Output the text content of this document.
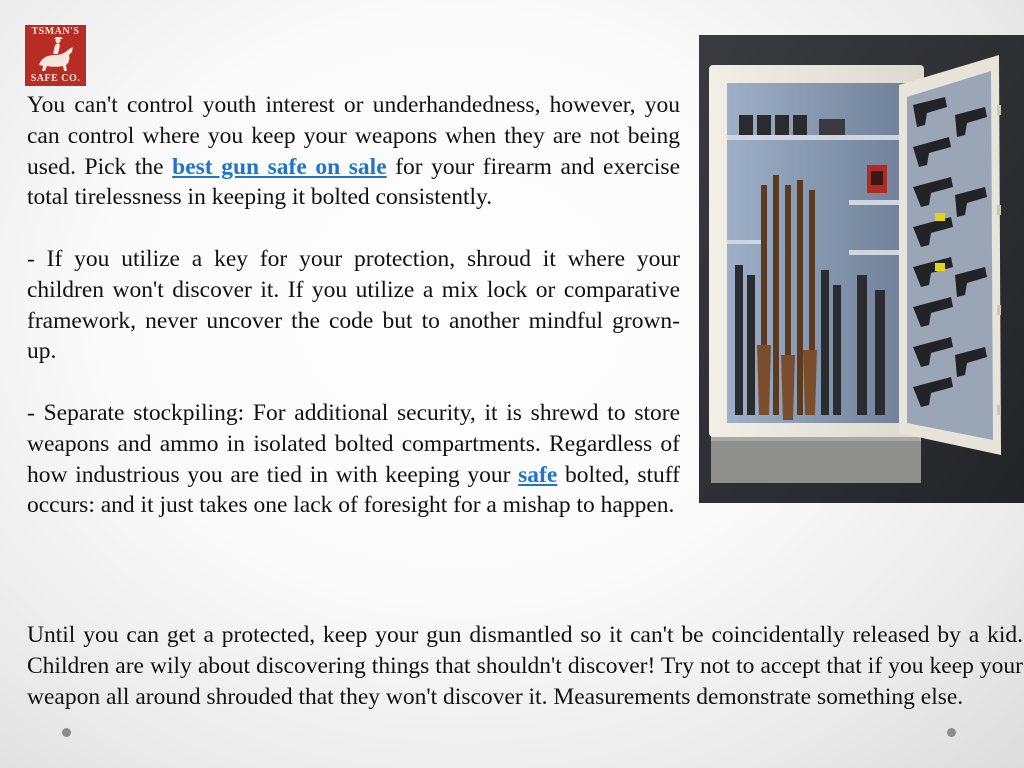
TSMAN'S
SAFE CO.

You can't control youth interest or underhandedness, however, you can control where you keep your weapons when they are not being used. Pick the best gun safe on sale for your firearm and exercise total tirelessness in keeping it bolted consistently.

- If you utilize a key for your protection, shroud it where your children won't discover it. If you utilize a mix lock or comparative framework, never uncover the code but to another mindful grown-up.

- Separate stockpiling: For additional security, it is shrewd to store weapons and ammo in isolated bolted compartments. Regardless of how industrious you are tied in with keeping your safe bolted, stuff occurs: and it just takes one lack of foresight for a mishap to happen.

Until you can get a protected, keep your gun dismantled so it can't be coincidentally released by a kid. Children are wily about discovering things that shouldn't discover! Try not to accept that if you keep your weapon all around shrouded that they won't discover it. Measurements demonstrate something else.
